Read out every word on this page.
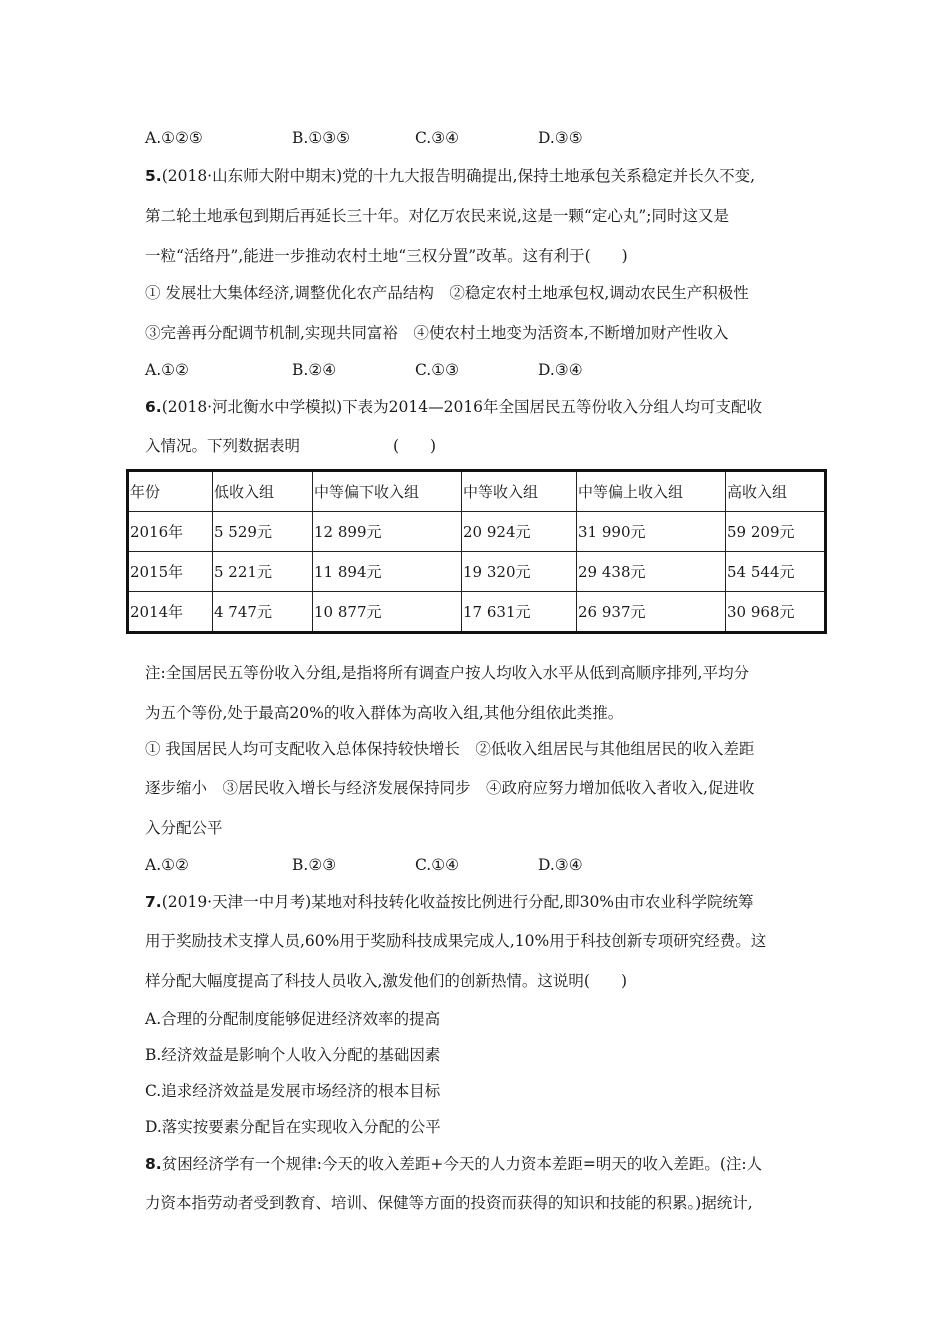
A.①②⑤	B.①③⑤	C.③④	D.③⑤
5.(2018·山东师大附中期末)党的十九大报告明确提出,保持土地承包关系稳定并长久不变,
第二轮土地承包到期后再延长三十年。对亿万农民来说,这是一颗“定心丸”;同时这又是
一粒“活络丹”,能进一步推动农村土地“三权分置”改革。这有利于(　　)
① 发展壮大集体经济,调整优化农产品结构　②稳定农村土地承包权,调动农民生产积极性
③完善再分配调节机制,实现共同富裕　④使农村土地变为活资本,不断增加财产性收入
A.①②	B.②④	C.①③	D.③④
6.(2018·河北衡水中学模拟)下表为2014—2016年全国居民五等份收入分组人均可支配收
入情况。下列数据表明　　　　　　(　　)
年份	低收入组	中等偏下收入组	中等收入组	中等偏上收入组	高收入组
2016年	5 529元	12 899元	20 924元	31 990元	59 209元
2015年	5 221元	11 894元	19 320元	29 438元	54 544元
2014年	4 747元	10 877元	17 631元	26 937元	30 968元
注:全国居民五等份收入分组,是指将所有调查户按人均收入水平从低到高顺序排列,平均分
为五个等份,处于最高20%的收入群体为高收入组,其他分组依此类推。
① 我国居民人均可支配收入总体保持较快增长　②低收入组居民与其他组居民的收入差距
逐步缩小　③居民收入增长与经济发展保持同步　④政府应努力增加低收入者收入,促进收
入分配公平
A.①②	B.②③	C.①④	D.③④
7.(2019·天津一中月考)某地对科技转化收益按比例进行分配,即30%由市农业科学院统筹
用于奖励技术支撑人员,60%用于奖励科技成果完成人,10%用于科技创新专项研究经费。这
样分配大幅度提高了科技人员收入,激发他们的创新热情。这说明(　　)
A.合理的分配制度能够促进经济效率的提高
B.经济效益是影响个人收入分配的基础因素
C.追求经济效益是发展市场经济的根本目标
D.落实按要素分配旨在实现收入分配的公平
8.贫困经济学有一个规律:今天的收入差距+今天的人力资本差距=明天的收入差距。(注:人
力资本指劳动者受到教育、培训、保健等方面的投资而获得的知识和技能的积累。)据统计,
